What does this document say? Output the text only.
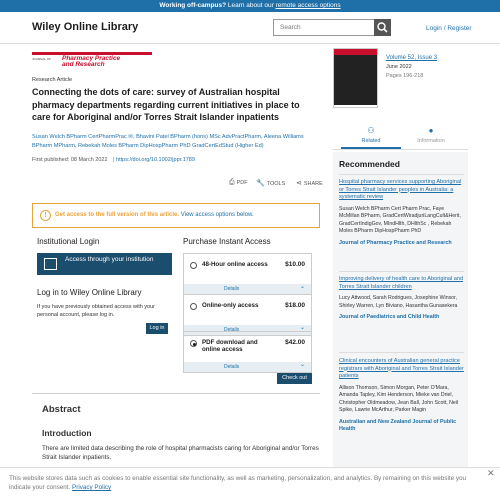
Working off-campus? Learn about our remote access options
Wiley Online Library	Search	Login / Register
JOURNAL OF	Pharmacy Practice
and Research
Research Article
Connecting the dots of care: survey of Australian hospital pharmacy departments regarding current initiatives in place to care for Aboriginal and/or Torres Strait Islander inpatients
Susan Welch BPharm CertPharmPrac ✉, Bhavini Patel BPharm (hons) MSc AdvPractPharm, Aleena Williams BPharm MPharm, Rebekah Moles BPharm DipHospPharm PhD GradCertEdStud (Higher Ed)
First published: 08 March 2022 | https://doi.org/10.1002/jppr.1789
⎙ PDF 🔧 TOOLS ⋖ SHARE
!	Get access to the full version of this article. View access options below.
Institutional Login
Access through your institution
Log in to Wiley Online Library
If you have previously obtained access with your personal account, please log in.
Log in
Purchase Instant Access
48-Hour online access	$10.00
Details ⌄
Online-only access	$18.00
Details ⌄
PDF download and online access
$42.00
Details ⌄
Check out
Abstract
Introduction

There are limited data describing the role of hospital pharmacists caring for Aboriginal and/or Torres Strait Islander inpatients.

Volume 52, Issue 3
June 2022
Pages 196-218
⚇
Related
●
Information
Recommended
Hospital pharmacy services supporting Aboriginal or Torres Strait Islander peoples in Australia: a systematic review
Susan Welch BPharm Cert Pharm Prac, Faye McMillan BPharm, GradCertWiradjuriLangCult&Herit, GradCertIndigGov, MIndHlth, DHlthSc , Rebekah Moles BPharm DipHospPharm PhD
Journal of Pharmacy Practice and Research
Improving delivery of health care to Aboriginal and Torres Strait Islander children
Lucy Attwood, Sarah Rodrigues, Josephine Winsor, Shirley Warren, Lyn Biviano, Hasantha Gunasekera
Journal of Paediatrics and Child Health
Clinical encounters of Australian general practice registrars with Aboriginal and Torres Strait Islander patients
Allison Thomson, Simon Morgan, Peter O'Mara, Amanda Tapley, Kim Henderson, Mieke van Driel, Christopher Oldmeadow, Jean Ball, John Scott, Neil Spike, Lawrie McArthur, Parker Magin
Australian and New Zealand Journal of Public Health
This website stores data such as cookies to enable essential site functionality, as well as marketing, personalization, and analytics. By remaining on this website you indicate your consent. Privacy Policy
✕
